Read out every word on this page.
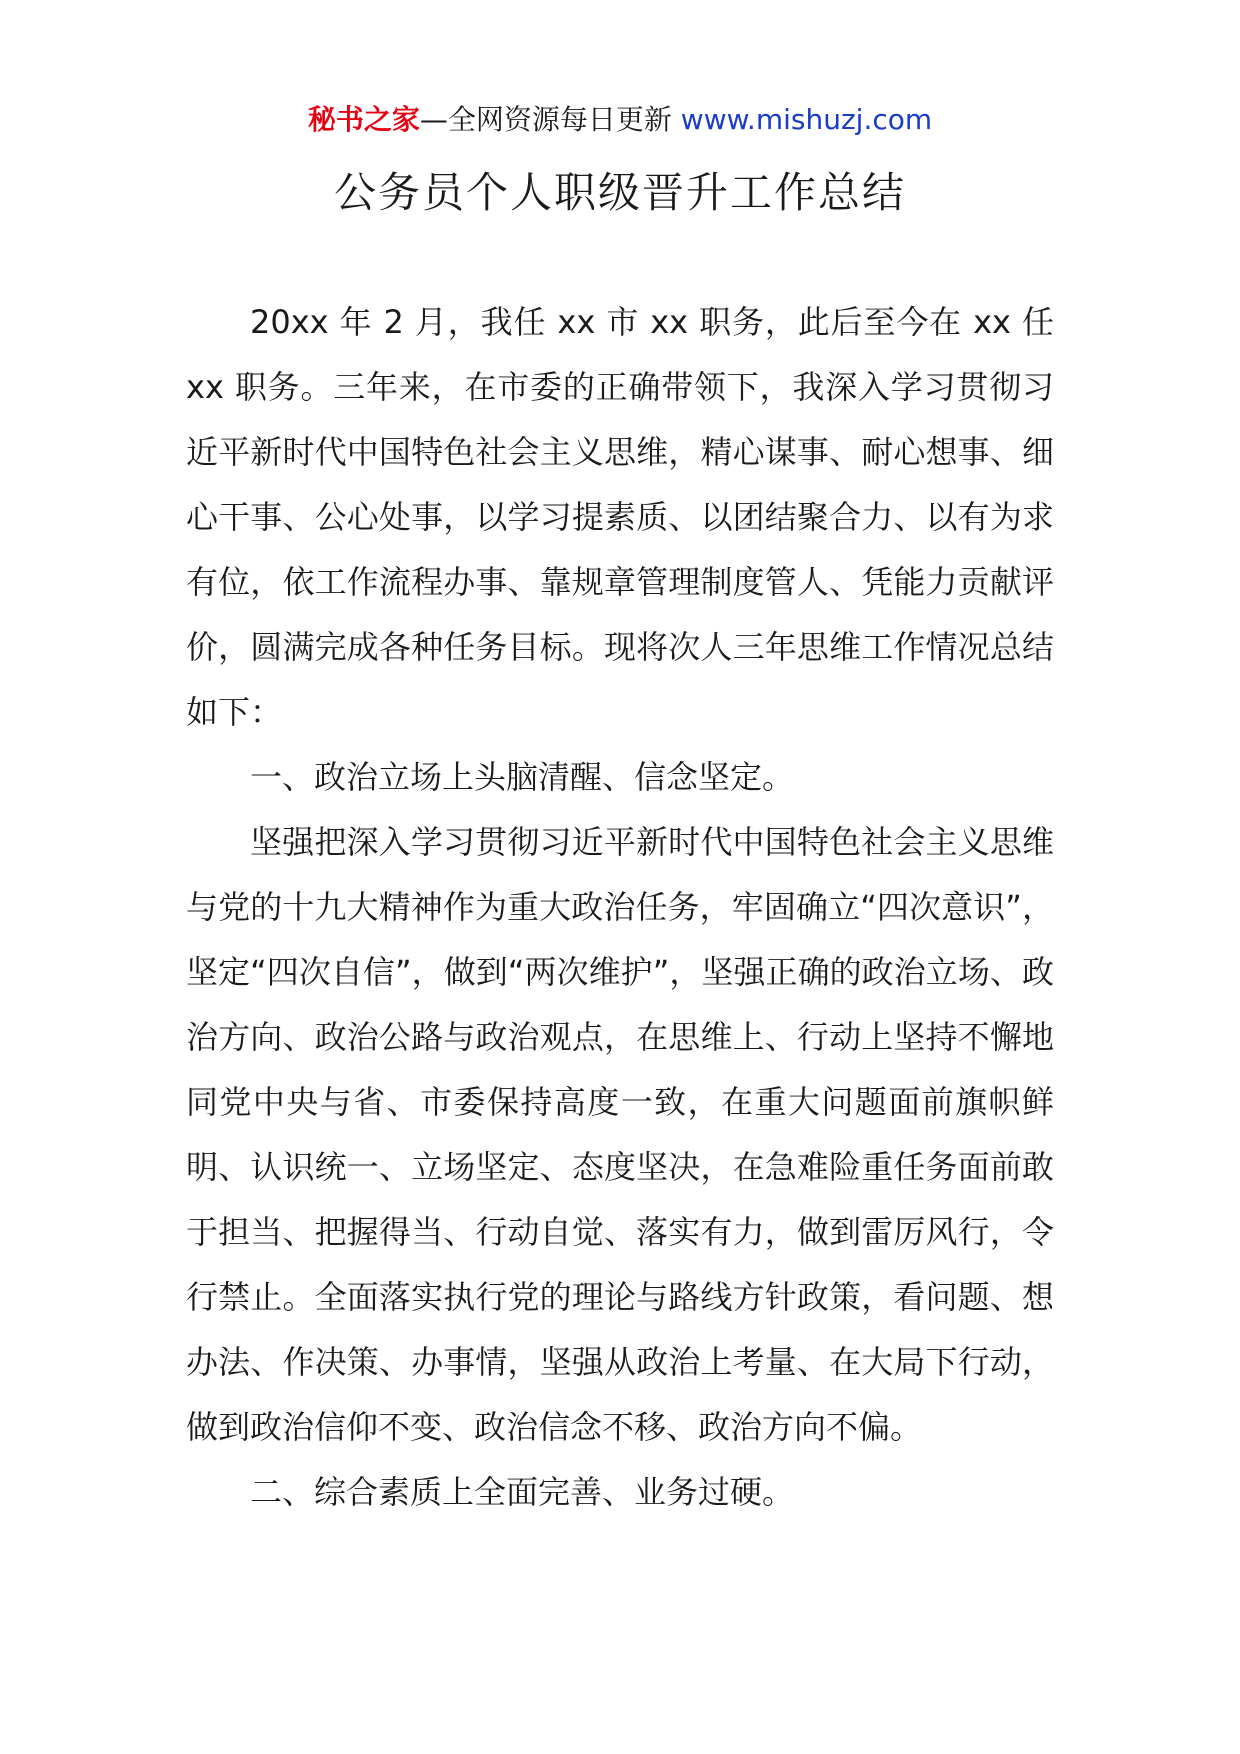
秘书之家—全网资源每日更新 www.mishuzj.com
公务员个人职级晋升工作总结

20xx 年 2 月，我任 xx 市 xx 职务，此后至今在 xx 任 xx 职务。三年来，在市委的正确带领下，我深入学习贯彻习近平新时代中国特色社会主义思维，精心谋事、耐心想事、细心干事、公心处事，以学习提素质、以团结聚合力、以有为求有位，依工作流程办事、靠规章管理制度管人、凭能力贡献评价，圆满完成各种任务目标。现将次人三年思维工作情况总结如下：

一、政治立场上头脑清醒、信念坚定。

坚强把深入学习贯彻习近平新时代中国特色社会主义思维与党的十九大精神作为重大政治任务，牢固确立“四次意识”，坚定“四次自信”，做到“两次维护”，坚强正确的政治立场、政治方向、政治公路与政治观点，在思维上、行动上坚持不懈地同党中央与省、市委保持高度一致，在重大问题面前旗帜鲜明、认识统一、立场坚定、态度坚决，在急难险重任务面前敢于担当、把握得当、行动自觉、落实有力，做到雷厉风行，令行禁止。全面落实执行党的理论与路线方针政策，看问题、想办法、作决策、办事情，坚强从政治上考量、在大局下行动，做到政治信仰不变、政治信念不移、政治方向不偏。

二、综合素质上全面完善、业务过硬。
